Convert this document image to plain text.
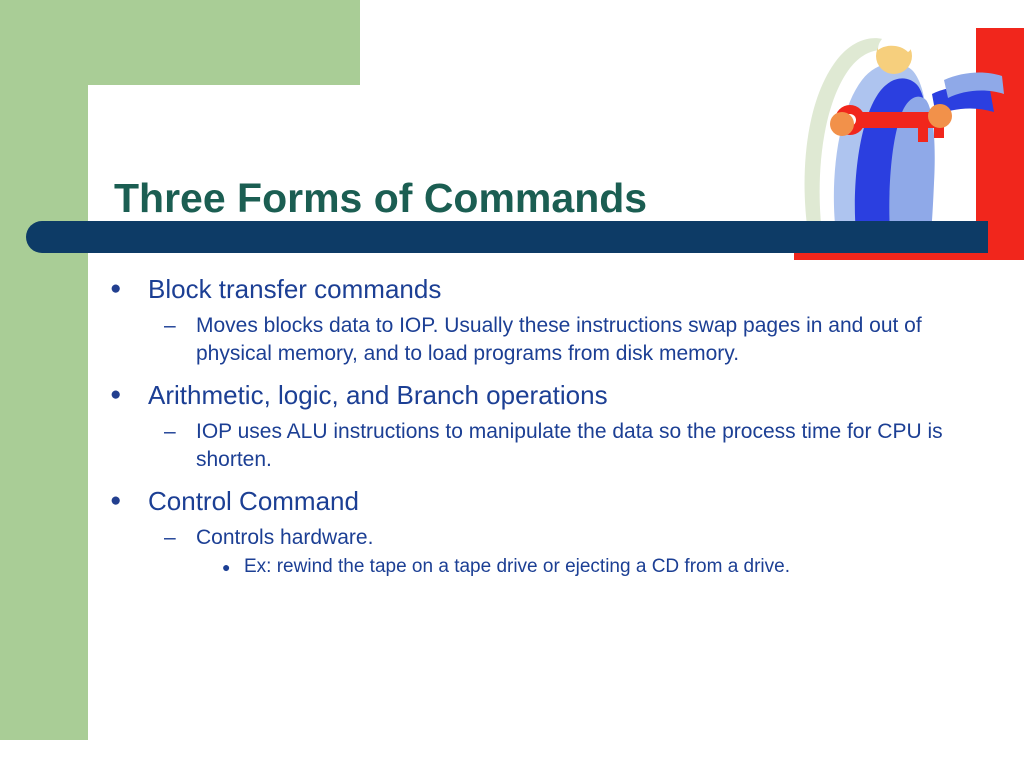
Three Forms of Commands
●	Block transfer commands
– Moves blocks data to IOP. Usually these instructions swap pages in and out of physical memory, and to load programs from disk memory.
●	Arithmetic, logic, and Branch operations
– IOP uses ALU instructions to manipulate the data so the process time for CPU is shorten.
●	Control Command
– Controls hardware.
● Ex: rewind the tape on a tape drive or ejecting a CD from a drive.
